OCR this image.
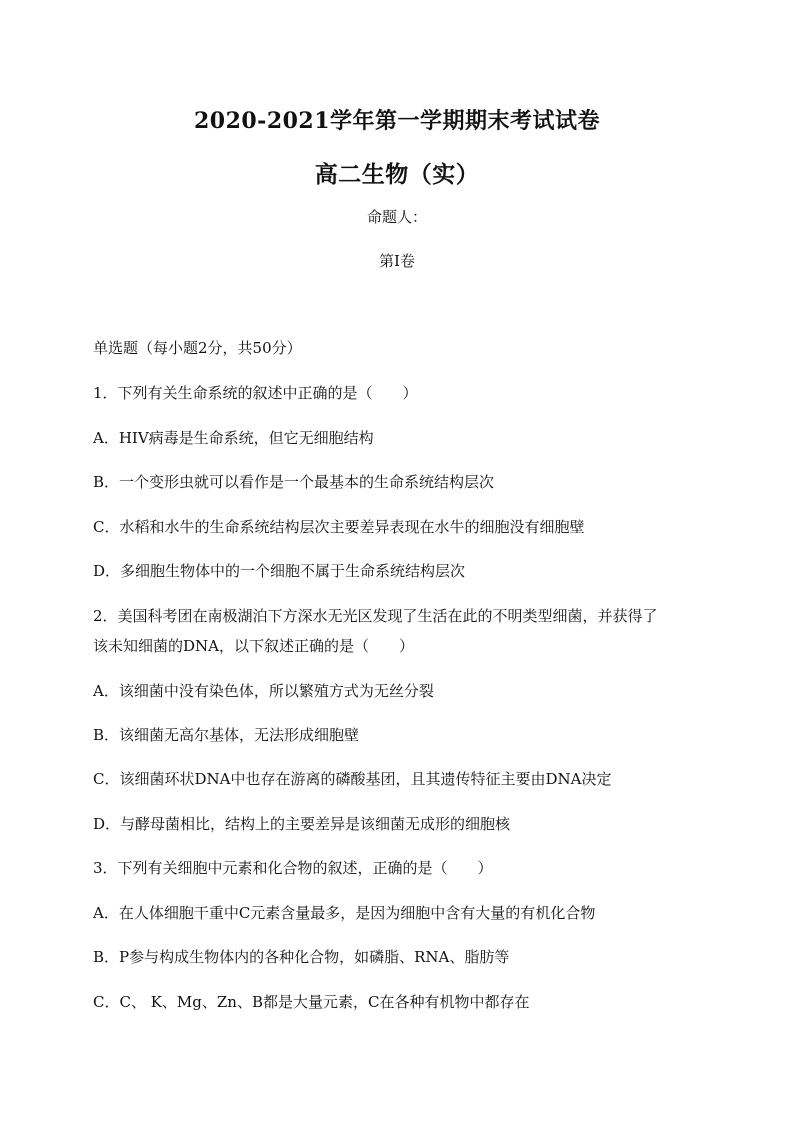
2020-2021学年第一学期期末考试试卷
高二生物（实）
命题人：
第Ⅰ卷
单选题（每小题2分，共50分）
1．下列有关生命系统的叙述中正确的是（　　）
A．HIV病毒是生命系统，但它无细胞结构
B．一个变形虫就可以看作是一个最基本的生命系统结构层次
C．水稻和水牛的生命系统结构层次主要差异表现在水牛的细胞没有细胞壁
D．多细胞生物体中的一个细胞不属于生命系统结构层次
2．美国科考团在南极湖泊下方深水无光区发现了生活在此的不明类型细菌，并获得了
该未知细菌的DNA，以下叙述正确的是（　　）
A．该细菌中没有染色体，所以繁殖方式为无丝分裂
B．该细菌无高尔基体，无法形成细胞壁
C．该细菌环状DNA中也存在游离的磷酸基团，且其遗传特征主要由DNA决定
D．与酵母菌相比，结构上的主要差异是该细菌无成形的细胞核
3．下列有关细胞中元素和化合物的叙述，正确的是（　　）
A．在人体细胞干重中C元素含量最多，是因为细胞中含有大量的有机化合物
B．P参与构成生物体内的各种化合物，如磷脂、RNA、脂肪等
C．C、 K、Mg、Zn、B都是大量元素，C在各种有机物中都存在
